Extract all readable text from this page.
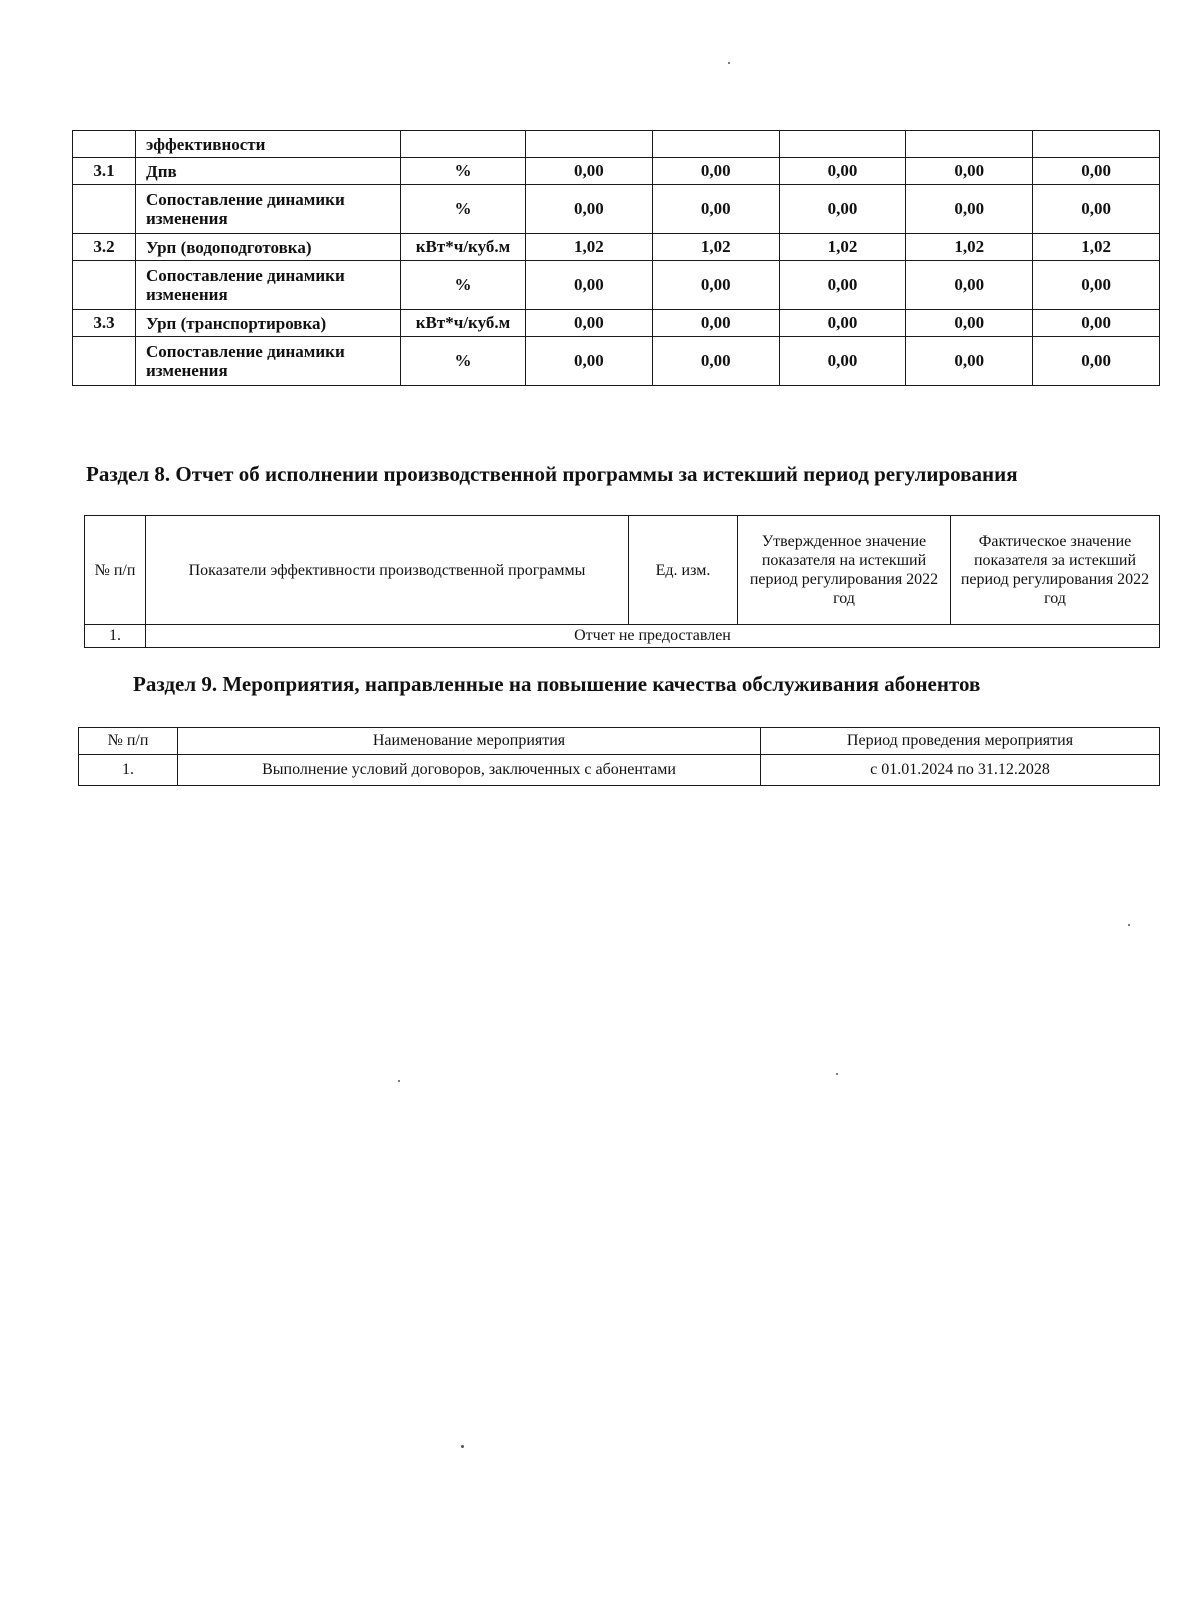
	эффективности						
3.1	Дпв	%	0,00	0,00	0,00	0,00	0,00
	Сопоставление динамики изменения	%	0,00	0,00	0,00	0,00	0,00
3.2	Урп (водоподготовка)	кВт*ч/куб.м	1,02	1,02	1,02	1,02	1,02
	Сопоставление динамики изменения	%	0,00	0,00	0,00	0,00	0,00
3.3	Урп (транспортировка)	кВт*ч/куб.м	0,00	0,00	0,00	0,00	0,00
	Сопоставление динамики изменения	%	0,00	0,00	0,00	0,00	0,00
Раздел 8. Отчет об исполнении производственной программы за истекший период регулирования
№ п/п	Показатели эффективности производственной программы	Ед. изм.	Утвержденное значение показателя на истекший период регулирования 2022 год	Фактическое значение показателя за истекший период регулирования 2022 год
1.	Отчет не предоставлен			
Раздел 9. Мероприятия, направленные на повышение качества обслуживания абонентов
№ п/п	Наименование мероприятия	Период проведения мероприятия
1.	Выполнение условий договоров, заключенных с абонентами	с 01.01.2024 по 31.12.2028
